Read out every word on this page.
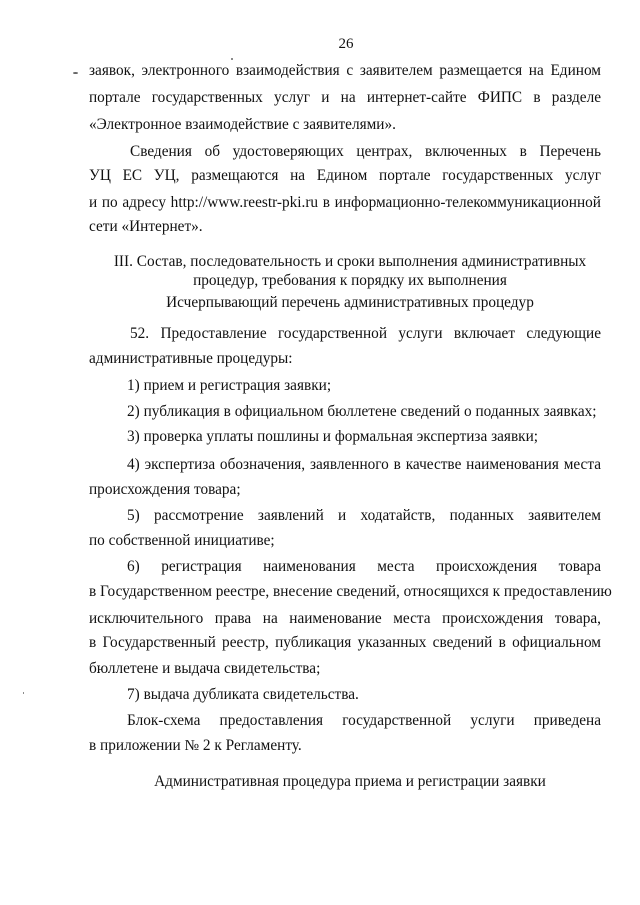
26
заявок, электронного взаимодействия с заявителем размещается на Едином
портале государственных услуг и на интернет-сайте ФИПС в разделе
«Электронное взаимодействие с заявителями».
Сведения об удостоверяющих центрах, включенных в Перечень
УЦ ЕС УЦ, размещаются на Едином портале государственных услуг
и по адресу http://www.reestr-pki.ru в информационно-телекоммуникационной
сети «Интернет».
III. Состав, последовательность и сроки выполнения административных
процедур, требования к порядку их выполнения
Исчерпывающий перечень административных процедур
52. Предоставление государственной услуги включает следующие
административные процедуры:
1) прием и регистрация заявки;
2) публикация в официальном бюллетене сведений о поданных заявках;
3) проверка уплаты пошлины и формальная экспертиза заявки;
4) экспертиза обозначения, заявленного в качестве наименования места
происхождения товара;
5) рассмотрение заявлений и ходатайств, поданных заявителем
по собственной инициативе;
6) регистрация наименования места происхождения товара
в Государственном реестре, внесение сведений, относящихся к предоставлению
исключительного права на наименование места происхождения товара,
в Государственный реестр, публикация указанных сведений в официальном
бюллетене и выдача свидетельства;
7) выдача дубликата свидетельства.
Блок-схема предоставления государственной услуги приведена
в приложении № 2 к Регламенту.
Административная процедура приема и регистрации заявки
